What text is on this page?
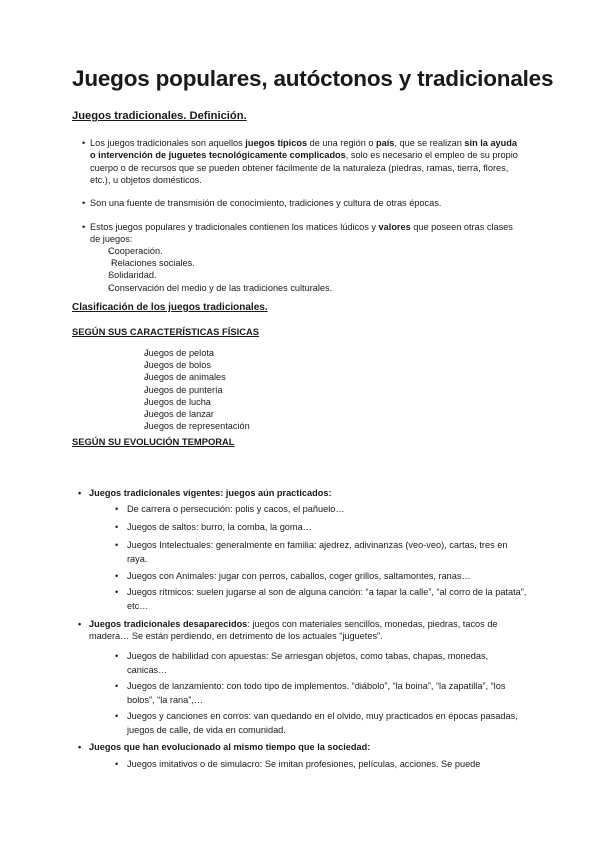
Juegos populares, autóctonos y tradicionales
Juegos tradicionales. Definición.

• Los juegos tradicionales son aquellos juegos típicos de una región o país, que se realizan sin la ayuda o intervención de juguetes tecnológicamente complicados, solo es necesario el empleo de su propio cuerpo o de recursos que se pueden obtener fácilmente de la naturaleza (piedras, ramas, tierra, flores, etc.), u objetos domésticos.

• Son una fuente de transmisión de conocimiento, tradiciones y cultura de otras épocas.

• Estos juegos populares y tradicionales contienen los matices lúdicos y valores que poseen otras clases de juegos:

- Cooperación.
- Relaciones sociales.
- Solidaridad.
- Conservación del medio y de las tradiciones culturales.
Clasificación de los juegos tradicionales.
SEGÚN SUS CARACTERÍSTICAS FÍSICAS
- Juegos de pelota
- Juegos de bolos
- Juegos de animales
- Juegos de puntería
- Juegos de lucha
- Juegos de lanzar
- Juegos de representación
SEGÚN SU EVOLUCIÓN TEMPORAL

• Juegos tradicionales vigentes: juegos aún practicados:

• De carrera o persecución: polis y cacos, el pañuelo…

• Juegos de saltos: burro, la comba, la goma…

• Juegos Intelectuales: generalmente en familia: ajedrez, adivinanzas (veo-veo), cartas, tres en raya.

• Juegos con Animales: jugar con perros, caballos, coger grillos, saltamontes, ranas…

• Juegos rítmicos: suelen jugarse al son de alguna canción: “a tapar la calle”, “al corro de la patata”, etc…

• Juegos tradicionales desaparecidos: juegos con materiales sencillos, monedas, piedras, tacos de madera… Se están perdiendo, en detrimento de los actuales “juguetes”.

• Juegos de habilidad con apuestas: Se arriesgan objetos, como tabas, chapas, monedas, canicas…

• Juegos de lanzamiento: con todo tipo de implementos. “diábolo”, “la boina”, “la zapatilla”, “los bolos”, “la rana”,…

• Juegos y canciones en corros: van quedando en el olvido, muy practicados en épocas pasadas, juegos de calle, de vida en comunidad.

• Juegos que han evolucionado al mismo tiempo que la sociedad:

• Juegos imitativos o de simulacro: Se imitan profesiones, películas, acciones. Se puede
